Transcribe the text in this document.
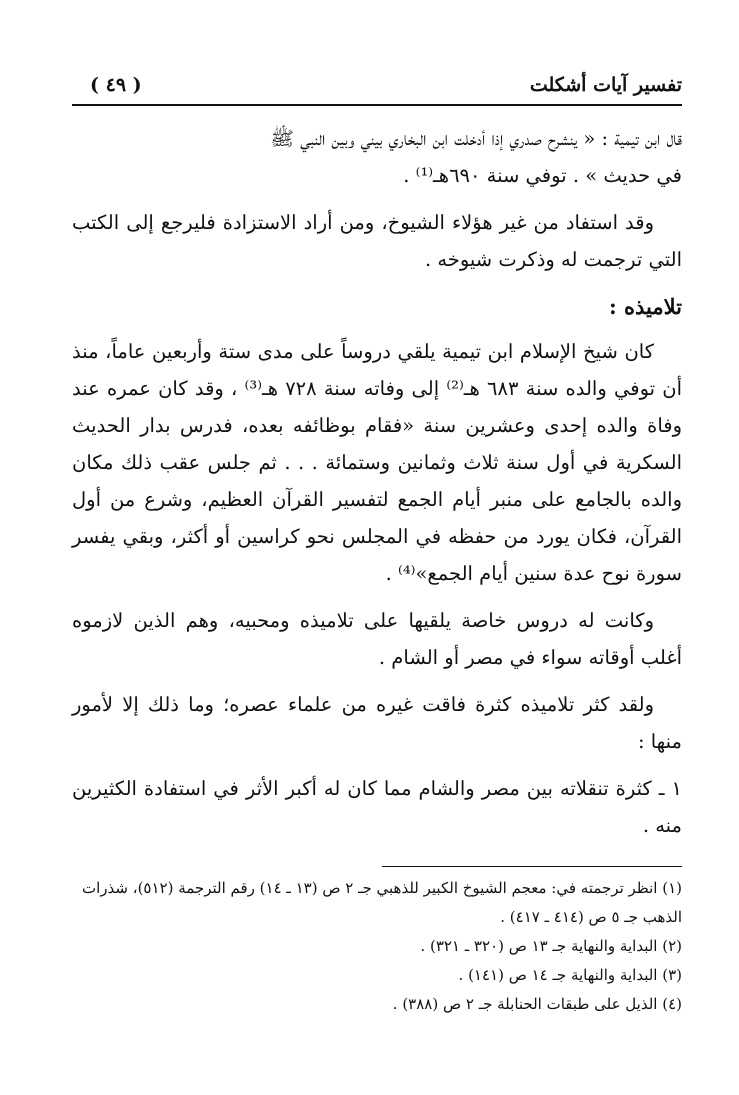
تفسير آيات أشكلت
( ٤٩ )

قال ابن تيمية : « ينشرح صدري إذا أدخلت ابن البخاري بيني وبين النبي ﷺ
في حديث » . توفي سنة ٦٩٠هـ⁽¹⁾ .

وقد استفاد من غير هؤلاء الشيوخ، ومن أراد الاستزادة فليرجع إلى الكتب التي ترجمت له وذكرت شيوخه .

تلاميذه :

كان شيخ الإسلام ابن تيمية يلقي دروساً على مدى ستة وأربعين عاماً، منذ أن توفي والده سنة ٦٨٣ هـ⁽²⁾ إلى وفاته سنة ٧٢٨ هـ⁽³⁾ ، وقد كان عمره عند وفاة والده إحدى وعشرين سنة «فقام بوظائفه بعده، فدرس بدار الحديث السكرية في أول سنة ثلاث وثمانين وستمائة . . . ثم جلس عقب ذلك مكان والده بالجامع على منبر أيام الجمع لتفسير القرآن العظيم، وشرع من أول القرآن، فكان يورد من حفظه في المجلس نحو كراسين أو أكثر، وبقي يفسر سورة نوح عدة سنين أيام الجمع»⁽⁴⁾ .

وكانت له دروس خاصة يلقيها على تلاميذه ومحبيه، وهم الذين لازموه أغلب أوقاته سواء في مصر أو الشام .

ولقد كثر تلاميذه كثرة فاقت غيره من علماء عصره؛ وما ذلك إلا لأمور منها :

١ ـ كثرة تنقلاته بين مصر والشام مما كان له أكبر الأثر في استفادة الكثيرين منه .

(١) انظر ترجمته في: معجم الشيوخ الكبير للذهبي جـ ٢ ص (١٣ ـ ١٤) رقم الترجمة (٥١٢)، شذرات الذهب جـ ٥ ص (٤١٤ ـ ٤١٧) .

(٢) البداية والنهاية جـ ١٣ ص (٣٢٠ ـ ٣٢١) .

(٣) البداية والنهاية جـ ١٤ ص (١٤١) .

(٤) الذيل على طبقات الحنابلة جـ ٢ ص (٣٨٨) .
